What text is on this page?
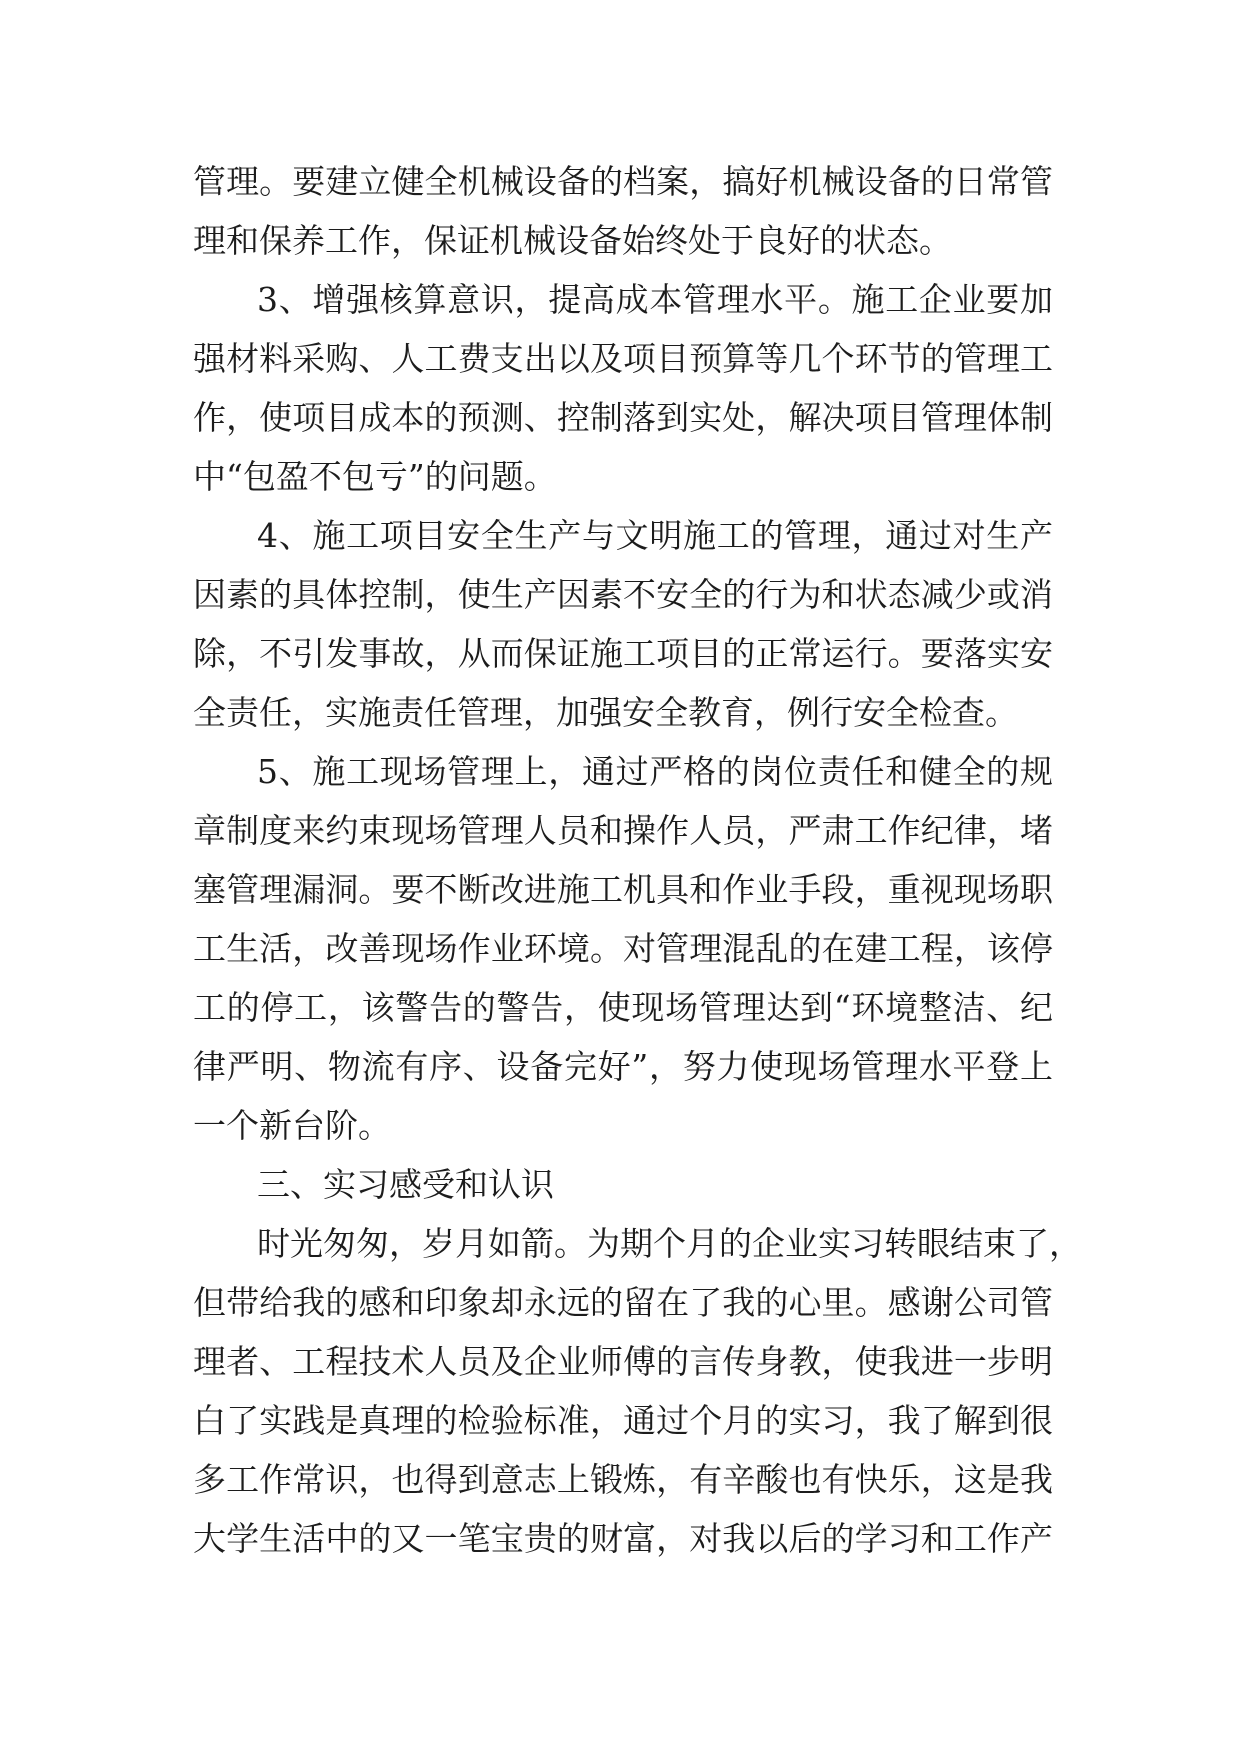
管理。要建立健全机械设备的档案，搞好机械设备的日常管
理和保养工作，保证机械设备始终处于良好的状态。
3、增强核算意识，提高成本管理水平。施工企业要加
强材料采购、人工费支出以及项目预算等几个环节的管理工
作，使项目成本的预测、控制落到实处，解决项目管理体制
中“包盈不包亏”的问题。
4、施工项目安全生产与文明施工的管理，通过对生产
因素的具体控制，使生产因素不安全的行为和状态减少或消
除，不引发事故，从而保证施工项目的正常运行。要落实安
全责任，实施责任管理，加强安全教育，例行安全检查。
5、施工现场管理上，通过严格的岗位责任和健全的规
章制度来约束现场管理人员和操作人员，严肃工作纪律，堵
塞管理漏洞。要不断改进施工机具和作业手段，重视现场职
工生活，改善现场作业环境。对管理混乱的在建工程，该停
工的停工，该警告的警告，使现场管理达到“环境整洁、纪
律严明、物流有序、设备完好”，努力使现场管理水平登上
一个新台阶。
三、实习感受和认识
时光匆匆，岁月如箭。为期个月的企业实习转眼结束了，
但带给我的感和印象却永远的留在了我的心里。感谢公司管
理者、工程技术人员及企业师傅的言传身教，使我进一步明
白了实践是真理的检验标准，通过个月的实习，我了解到很
多工作常识，也得到意志上锻炼，有辛酸也有快乐，这是我
大学生活中的又一笔宝贵的财富，对我以后的学习和工作产
